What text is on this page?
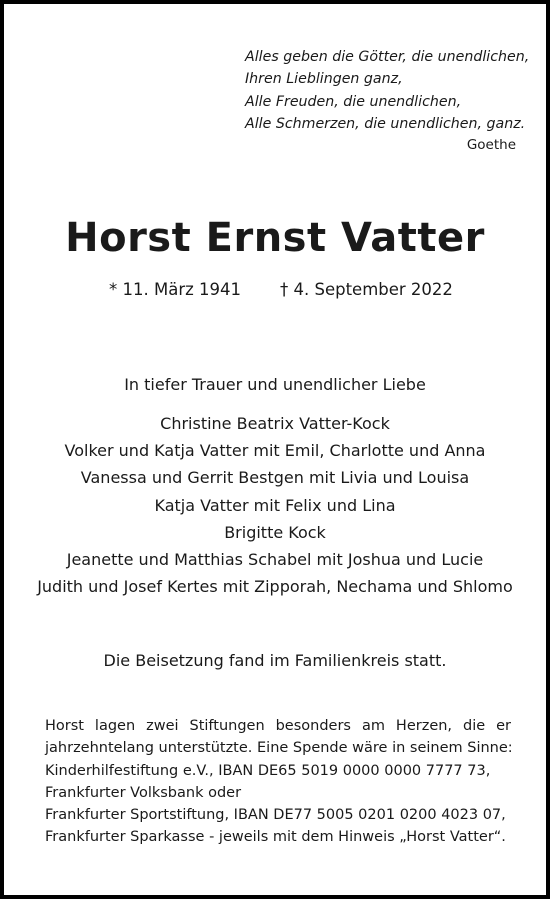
Alles geben die Götter, die unendlichen,
Ihren Lieblingen ganz,
Alle Freuden, die unendlichen,
Alle Schmerzen, die unendlichen, ganz.
Goethe
Horst Ernst Vatter
* 11. März 1941 † 4. September 2022
In tiefer Trauer und unendlicher Liebe
Christine Beatrix Vatter-Kock
Volker und Katja Vatter mit Emil, Charlotte und Anna
Vanessa und Gerrit Bestgen mit Livia und Louisa
Katja Vatter mit Felix und Lina
Brigitte Kock
Jeanette und Matthias Schabel mit Joshua und Lucie
Judith und Josef Kertes mit Zipporah, Nechama und Shlomo
Die Beisetzung fand im Familienkreis statt.
Horst lagen zwei Stiftungen besonders am Herzen, die er
jahrzehntelang unterstützte. Eine Spende wäre in seinem Sinne:
Kinderhilfestiftung e.V., IBAN DE65 5019 0000 0000 7777 73,
Frankfurter Volksbank oder
Frankfurter Sportstiftung, IBAN DE77 5005 0201 0200 4023 07,
Frankfurter Sparkasse - jeweils mit dem Hinweis „Horst Vatter“.
